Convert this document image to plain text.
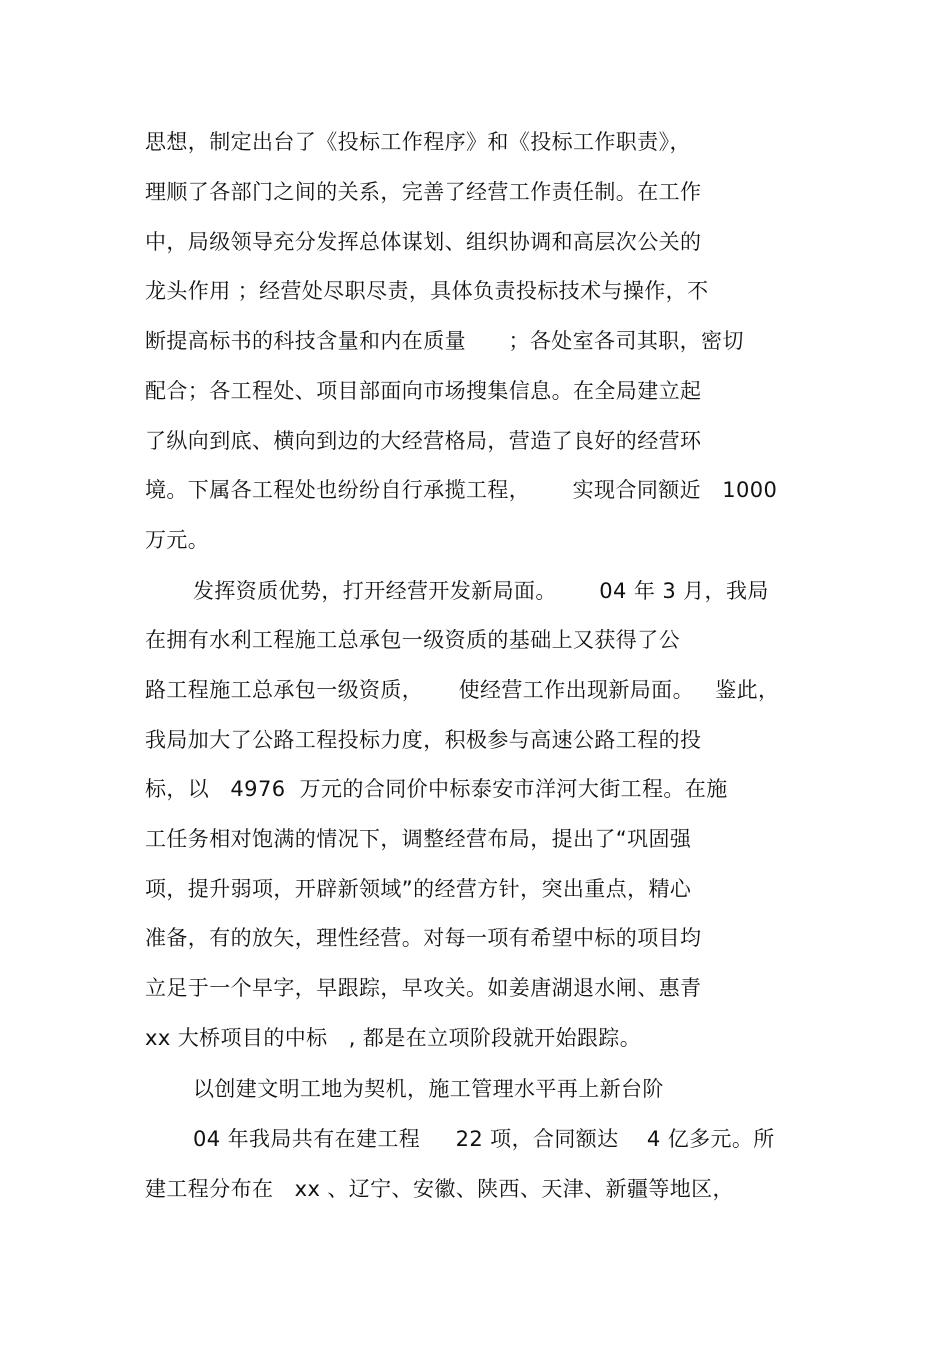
思想，制定出台了《投标工作程序》和《投标工作职责》，
理顺了各部门之间的关系，完善了经营工作责任制。在工作
中，局级领导充分发挥总体谋划、组织协调和高层次公关的
龙头作用 ；经营处尽职尽责，具体负责投标技术与操作，不
断提高标书的科技含量和内在质量      ；各处室各司其职，密切
配合；各工程处、项目部面向市场搜集信息。在全局建立起
了纵向到底、横向到边的大经营格局，营造了良好的经营环
境。下属各工程处也纷纷自行承揽工程，      实现合同额近   1000
万元。
发挥资质优势，打开经营开发新局面。      04 年 3 月，我局
在拥有水利工程施工总承包一级资质的基础上又获得了公
路工程施工总承包一级资质，     使经营工作出现新局面。   鉴此，
我局加大了公路工程投标力度，积极参与高速公路工程的投
标，以   4976  万元的合同价中标泰安市洋河大街工程。在施
工任务相对饱满的情况下，调整经营布局，提出了“巩固强
项，提升弱项，开辟新领域”的经营方针，突出重点，精心
准备，有的放矢，理性经营。对每一项有希望中标的项目均
立足于一个早字，早跟踪，早攻关。如姜唐湖退水闸、惠青
xx 大桥项目的中标   , 都是在立项阶段就开始跟踪。
以创建文明工地为契机，施工管理水平再上新台阶
04 年我局共有在建工程     22 项，合同额达    4 亿多元。所
建工程分布在   xx 、辽宁、安徽、陕西、天津、新疆等地区，
